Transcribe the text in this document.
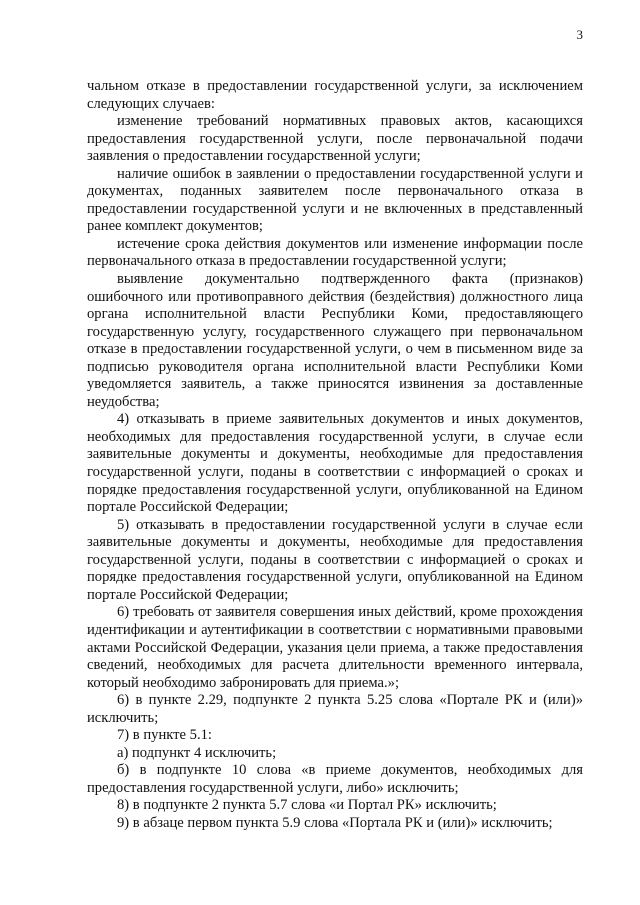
3

чальном отказе в предоставлении государственной услуги, за исключением следующих случаев:

изменение требований нормативных правовых актов, касающихся предоставления государственной услуги, после первоначальной подачи заявления о предоставлении государственной услуги;

наличие ошибок в заявлении о предоставлении государственной услуги и документах, поданных заявителем после первоначального отказа в предоставлении государственной услуги и не включенных в представленный ранее комплект документов;

истечение срока действия документов или изменение информации после первоначального отказа в предоставлении государственной услуги;

выявление документально подтвержденного факта (признаков) ошибочного или противоправного действия (бездействия) должностного лица органа исполнительной власти Республики Коми, предоставляющего государственную услугу, государственного служащего при первоначальном отказе в предоставлении государственной услуги, о чем в письменном виде за подписью руководителя органа исполнительной власти Республики Коми уведомляется заявитель, а также приносятся извинения за доставленные неудобства;

4) отказывать в приеме заявительных документов и иных документов, необходимых для предоставления государственной услуги, в случае если заявительные документы и документы, необходимые для предоставления государственной услуги, поданы в соответствии с информацией о сроках и порядке предоставления государственной услуги, опубликованной на Едином портале Российской Федерации;

5) отказывать в предоставлении государственной услуги в случае если заявительные документы и документы, необходимые для предоставления государственной услуги, поданы в соответствии с информацией о сроках и порядке предоставления государственной услуги, опубликованной на Едином портале Российской Федерации;

6) требовать от заявителя совершения иных действий, кроме прохождения идентификации и аутентификации в соответствии с нормативными правовыми актами Российской Федерации, указания цели приема, а также предоставления сведений, необходимых для расчета длительности временного интервала, который необходимо забронировать для приема.»;

6) в пункте 2.29, подпункте 2 пункта 5.25 слова «Портале РК и (или)» исключить;

7) в пункте 5.1:

а) подпункт 4 исключить;

б) в подпункте 10 слова «в приеме документов, необходимых для предоставления государственной услуги, либо» исключить;

8) в подпункте 2 пункта 5.7 слова «и Портал РК» исключить;

9) в абзаце первом пункта 5.9 слова «Портала РК и (или)» исключить;
